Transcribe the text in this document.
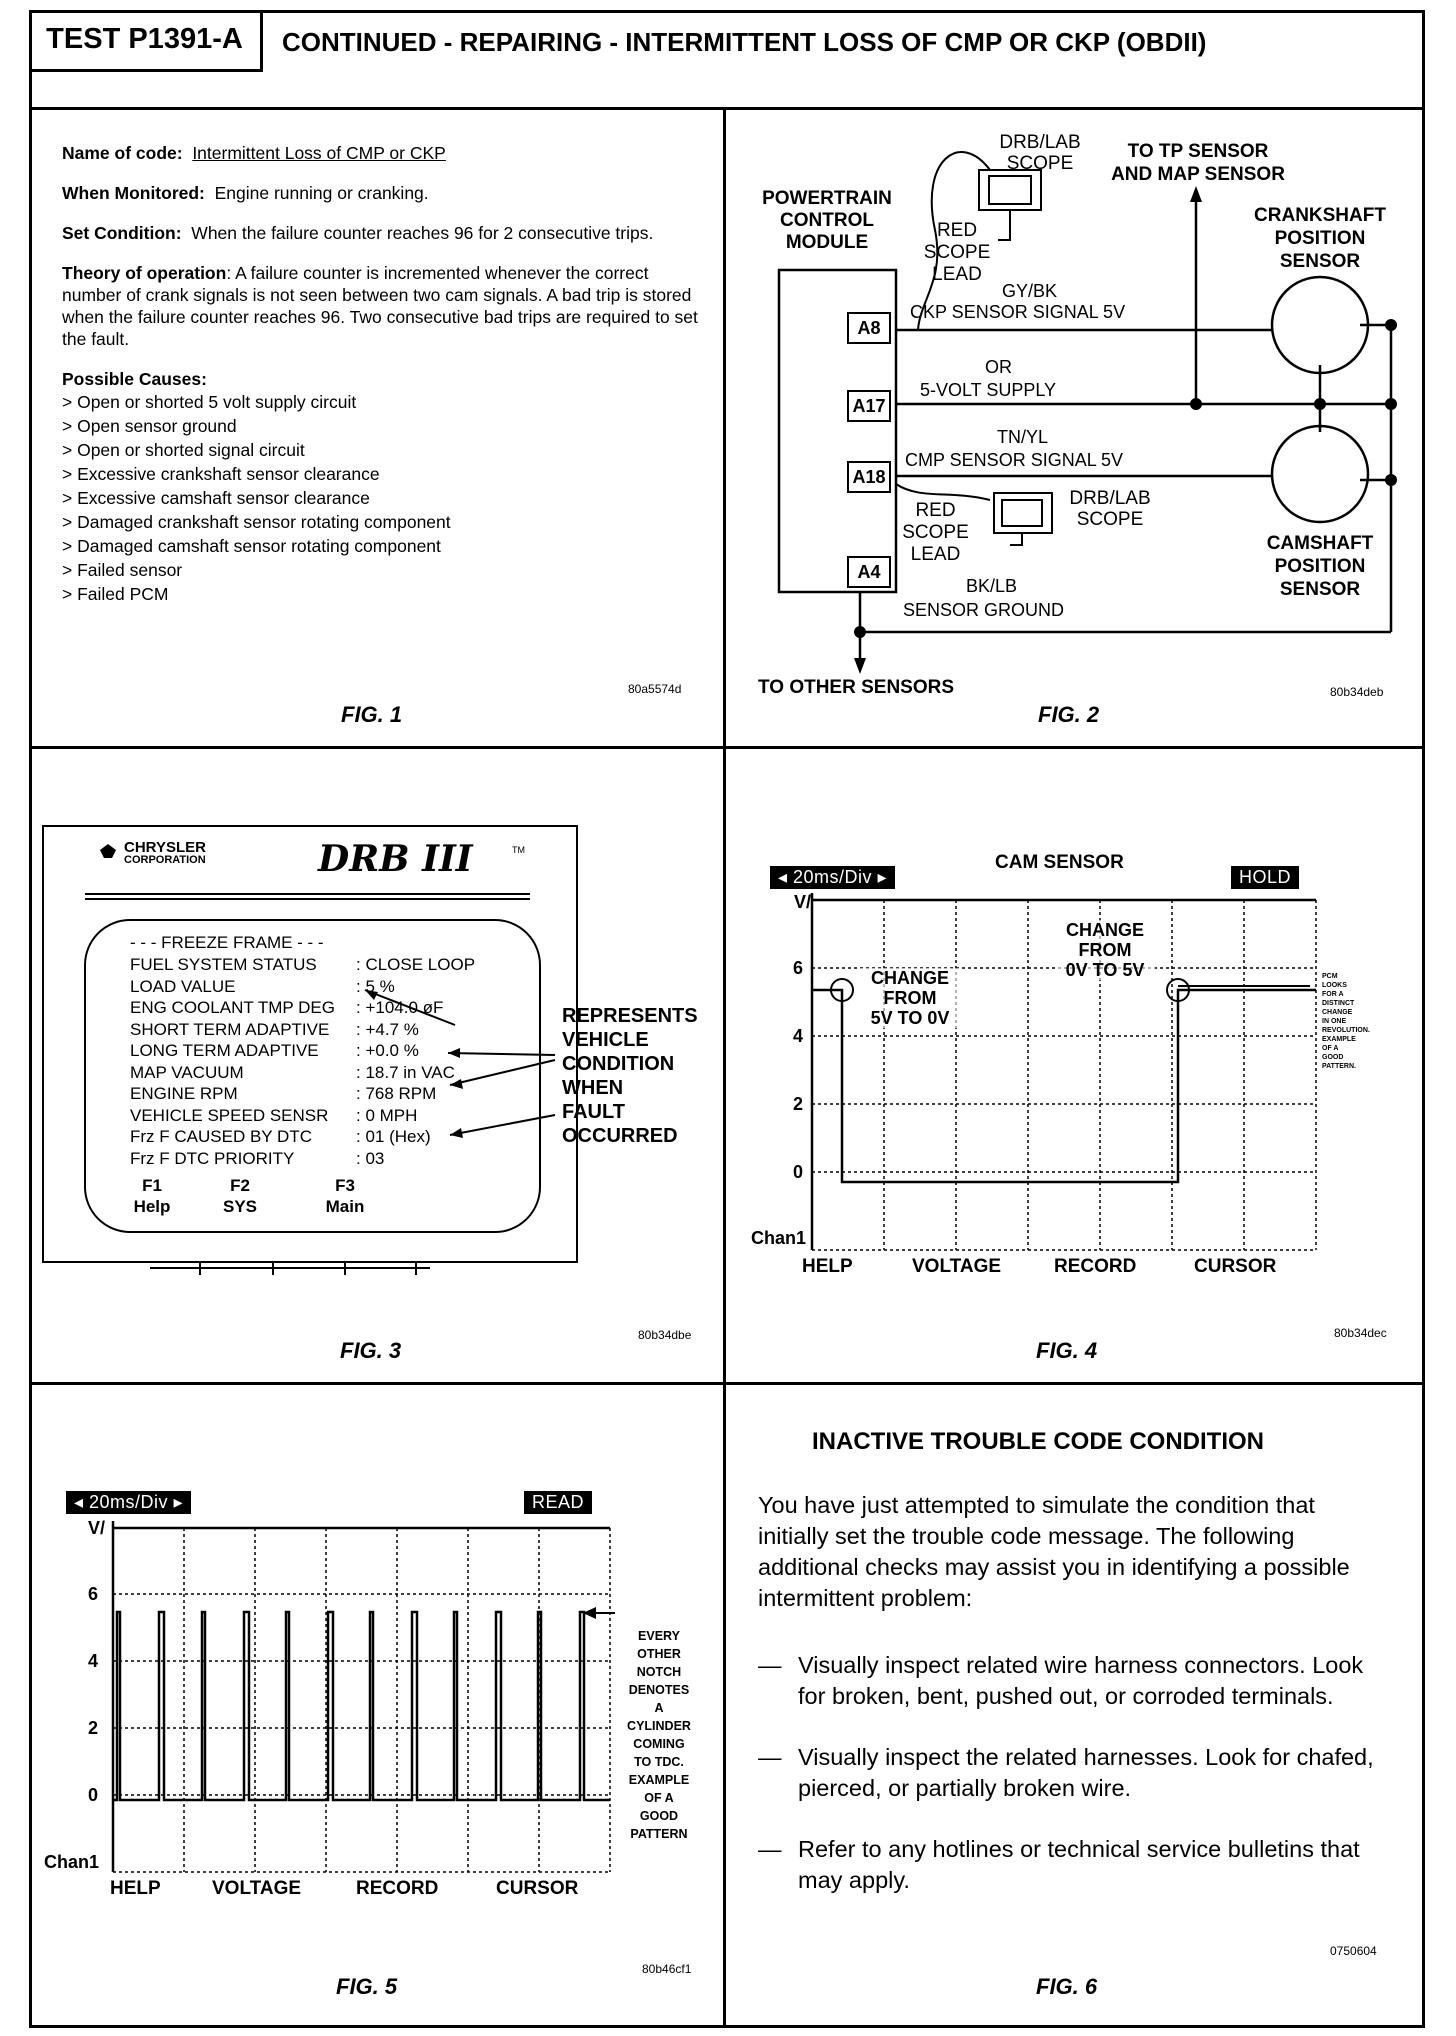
TEST P1391-A	CONTINUED - REPAIRING - INTERMITTENT LOSS OF CMP OR CKP (OBDII)

Name of code: Intermittent Loss of CMP or CKP

When Monitored: Engine running or cranking.

Set Condition: When the failure counter reaches 96 for 2 consecutive trips.

Theory of operation: A failure counter is incremented whenever the correct number of crank signals is not seen between two cam signals. A bad trip is stored when the failure counter reaches 96. Two consecutive bad trips are required to set the fault.

Possible Causes:
> Open or shorted 5 volt supply circuit
> Open sensor ground
> Open or shorted signal circuit
> Excessive crankshaft sensor clearance
> Excessive camshaft sensor clearance
> Damaged crankshaft sensor rotating component
> Damaged camshaft sensor rotating component
> Failed sensor
> Failed PCM
80a5574d
FIG. 1
A8
A17
A18
A4
POWERTRAIN
CONTROL
MODULE
DRB/LAB
SCOPE
TO TP SENSOR
AND MAP SENSOR
CRANKSHAFT
POSITION
SENSOR
RED
SCOPE
LEAD
GY/BK
CKP SENSOR SIGNAL 5V
OR
5-VOLT SUPPLY
TN/YL
CMP SENSOR SIGNAL 5V
RED
SCOPE
LEAD
DRB/LAB
SCOPE
CAMSHAFT
POSITION
SENSOR
BK/LB
SENSOR GROUND
TO OTHER SENSORS	80b34deb
FIG. 2
CHRYSLER
CORPORATION	DRB III	TM
- - - FREEZE FRAME - - -
FUEL SYSTEM STATUS	: CLOSE LOOP
LOAD VALUE	: 5 %
ENG COOLANT TMP DEG	: +104.0 øF
SHORT TERM ADAPTIVE	: +4.7 %
LONG TERM ADAPTIVE	: +0.0 %
MAP VACUUM	: 18.7 in VAC
ENGINE RPM	: 768 RPM
VEHICLE SPEED SENSR	: 0 MPH
Frz F CAUSED BY DTC	: 01 (Hex)
Frz F DTC PRIORITY	: 03
F1
Help
F2
SYS
F3
Main
REPRESENTS
VEHICLE
CONDITION
WHEN
FAULT
OCCURRED
80b34dbe
FIG. 3
◂ 20ms/Div ▸
CAM SENSOR
HOLD
V/
6
4
2
0
Chan1
CHANGE
FROM
5V TO 0V
CHANGE
FROM
0V TO 5V	PCM
LOOKS
FOR A
DISTINCT
CHANGE
IN ONE
REVOLUTION.
EXAMPLE
OF A
GOOD
PATTERN.
HELP	VOLTAGE	RECORD	CURSOR
80b34dec
FIG. 4
◂ 20ms/Div ▸	READ
V/
6
4
2
0
Chan1
EVERY
OTHER
NOTCH
DENOTES
A
CYLINDER
COMING
TO TDC.
EXAMPLE
OF A
GOOD
PATTERN
HELP	VOLTAGE	RECORD	CURSOR
80b46cf1
FIG. 5
INACTIVE TROUBLE CODE CONDITION
You have just attempted to simulate the condition that initially set the trouble code message. The following additional checks may assist you in identifying a possible intermittent problem:
— Visually inspect related wire harness connectors. Look for broken, bent, pushed out, or corroded terminals.
— Visually inspect the related harnesses. Look for chafed, pierced, or partially broken wire.
— Refer to any hotlines or technical service bulletins that may apply.
0750604
FIG. 6
